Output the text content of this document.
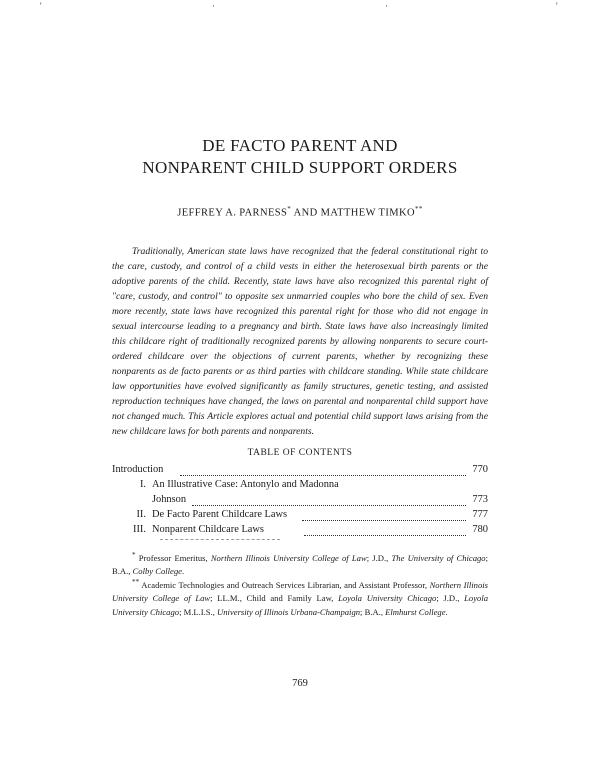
'	·	·	'
DE FACTO PARENT AND
NONPARENT CHILD SUPPORT ORDERS
JEFFREY A. PARNESS* AND MATTHEW TIMKO**

Traditionally, American state laws have recognized that the federal constitutional right to the care, custody, and control of a child vests in either the heterosexual birth parents or the adoptive parents of the child. Recently, state laws have also recognized this parental right of "care, custody, and control" to opposite sex unmarried couples who bore the child of sex. Even more recently, state laws have recognized this parental right for those who did not engage in sexual intercourse leading to a pregnancy and birth. State laws have also increasingly limited this childcare right of traditionally recognized parents by allowing nonparents to secure court-ordered childcare over the objections of current parents, whether by recognizing these nonparents as de facto parents or as third parties with childcare standing. While state childcare law opportunities have evolved significantly as family structures, genetic testing, and assisted reproduction techniques have changed, the laws on parental and nonparental child support have not changed much. This Article explores actual and potential child support laws arising from the new childcare laws for both parents and nonparents.

TABLE OF CONTENTS
Introduction	770
I. An Illustrative Case: Antonylo and Madonna
Johnson	773
II. De Facto Parent Childcare Laws	777
III. Nonparent Childcare Laws	780

* Professor Emeritus, Northern Illinois University College of Law; J.D., The University of Chicago; B.A., Colby College.

** Academic Technologies and Outreach Services Librarian, and Assistant Professor, Northern Illinois University College of Law; LL.M., Child and Family Law, Loyola University Chicago; J.D., Loyola University Chicago; M.L.I.S., University of Illinois Urbana-Champaign; B.A., Elmhurst College.

769
